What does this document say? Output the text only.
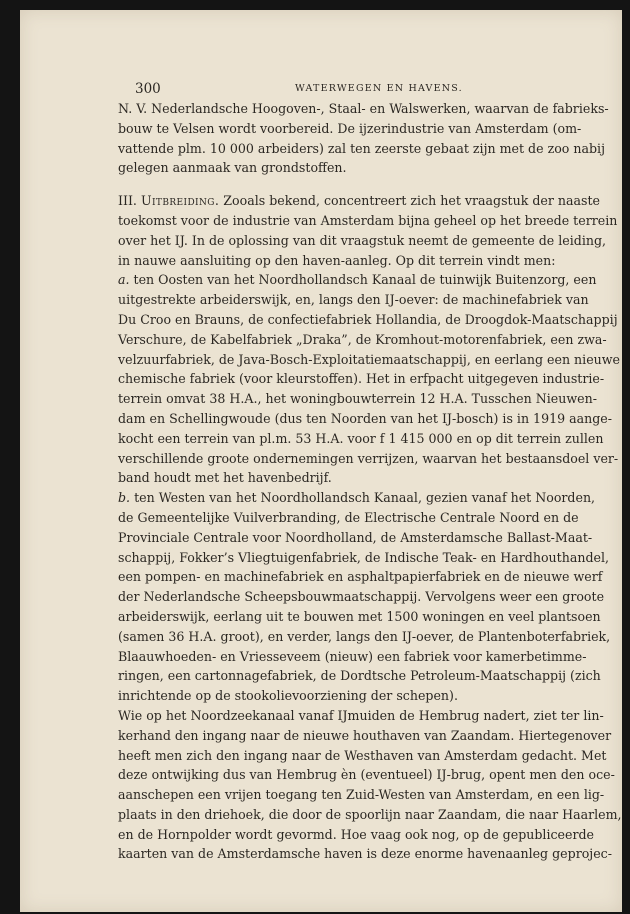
300	WATERWEGEN EN HAVENS.
N. V. Nederlandsche Hoogoven-, Staal- en Walswerken, waarvan de fabrieks-
bouw te Velsen wordt voorbereid. De ijzerindustrie van Amsterdam (om-
vattende plm. 10 000 arbeiders) zal ten zeerste gebaat zijn met de zoo nabij
gelegen aanmaak van grondstoffen.
III. Uitbreiding. Zooals bekend, concentreert zich het vraagstuk der naaste
toekomst voor de industrie van Amsterdam bijna geheel op het breede terrein
over het IJ. In de oplossing van dit vraagstuk neemt de gemeente de leiding,
in nauwe aansluiting op den haven-aanleg. Op dit terrein vindt men:
a. ten Oosten van het Noordhollandsch Kanaal de tuinwijk Buitenzorg, een
uitgestrekte arbeiderswijk, en, langs den IJ-oever: de machinefabriek van
Du Croo en Brauns, de confectiefabriek Hollandia, de Droogdok-Maatschappij
Verschure, de Kabelfabriek „Draka”, de Kromhout-motorenfabriek, een zwa-
velzuurfabriek, de Java-Bosch-Exploitatiemaatschappij, en eerlang een nieuwe
chemische fabriek (voor kleurstoffen). Het in erfpacht uitgegeven industrie-
terrein omvat 38 H.A., het woningbouwterrein 12 H.A. Tusschen Nieuwen-
dam en Schellingwoude (dus ten Noorden van het IJ-bosch) is in 1919 aange-
kocht een terrein van pl.m. 53 H.A. voor f 1 415 000 en op dit terrein zullen
verschillende groote ondernemingen verrijzen, waarvan het bestaansdoel ver-
band houdt met het havenbedrijf.
b. ten Westen van het Noordhollandsch Kanaal, gezien vanaf het Noorden,
de Gemeentelijke Vuilverbranding, de Electrische Centrale Noord en de
Provinciale Centrale voor Noordholland, de Amsterdamsche Ballast-Maat-
schappij, Fokker’s Vliegtuigenfabriek, de Indische Teak- en Hardhouthandel,
een pompen- en machinefabriek en asphaltpapierfabriek en de nieuwe werf
der Nederlandsche Scheepsbouwmaatschappij. Vervolgens weer een groote
arbeiderswijk, eerlang uit te bouwen met 1500 woningen en veel plantsoen
(samen 36 H.A. groot), en verder, langs den IJ-oever, de Plantenboterfabriek,
Blaauwhoeden- en Vriesseveem (nieuw) een fabriek voor kamerbetimme-
ringen, een cartonnagefabriek, de Dordtsche Petroleum-Maatschappij (zich
inrichtende op de stookolievoorziening der schepen).
Wie op het Noordzeekanaal vanaf IJmuiden de Hembrug nadert, ziet ter lin-
kerhand den ingang naar de nieuwe houthaven van Zaandam. Hiertegenover
heeft men zich den ingang naar de Westhaven van Amsterdam gedacht. Met
deze ontwijking dus van Hembrug èn (eventueel) IJ-brug, opent men den oce-
aanschepen een vrijen toegang ten Zuid-Westen van Amsterdam, en een lig-
plaats in den driehoek, die door de spoorlijn naar Zaandam, die naar Haarlem,
en de Hornpolder wordt gevormd. Hoe vaag ook nog, op de gepubliceerde
kaarten van de Amsterdamsche haven is deze enorme havenaanleg geprojec-
